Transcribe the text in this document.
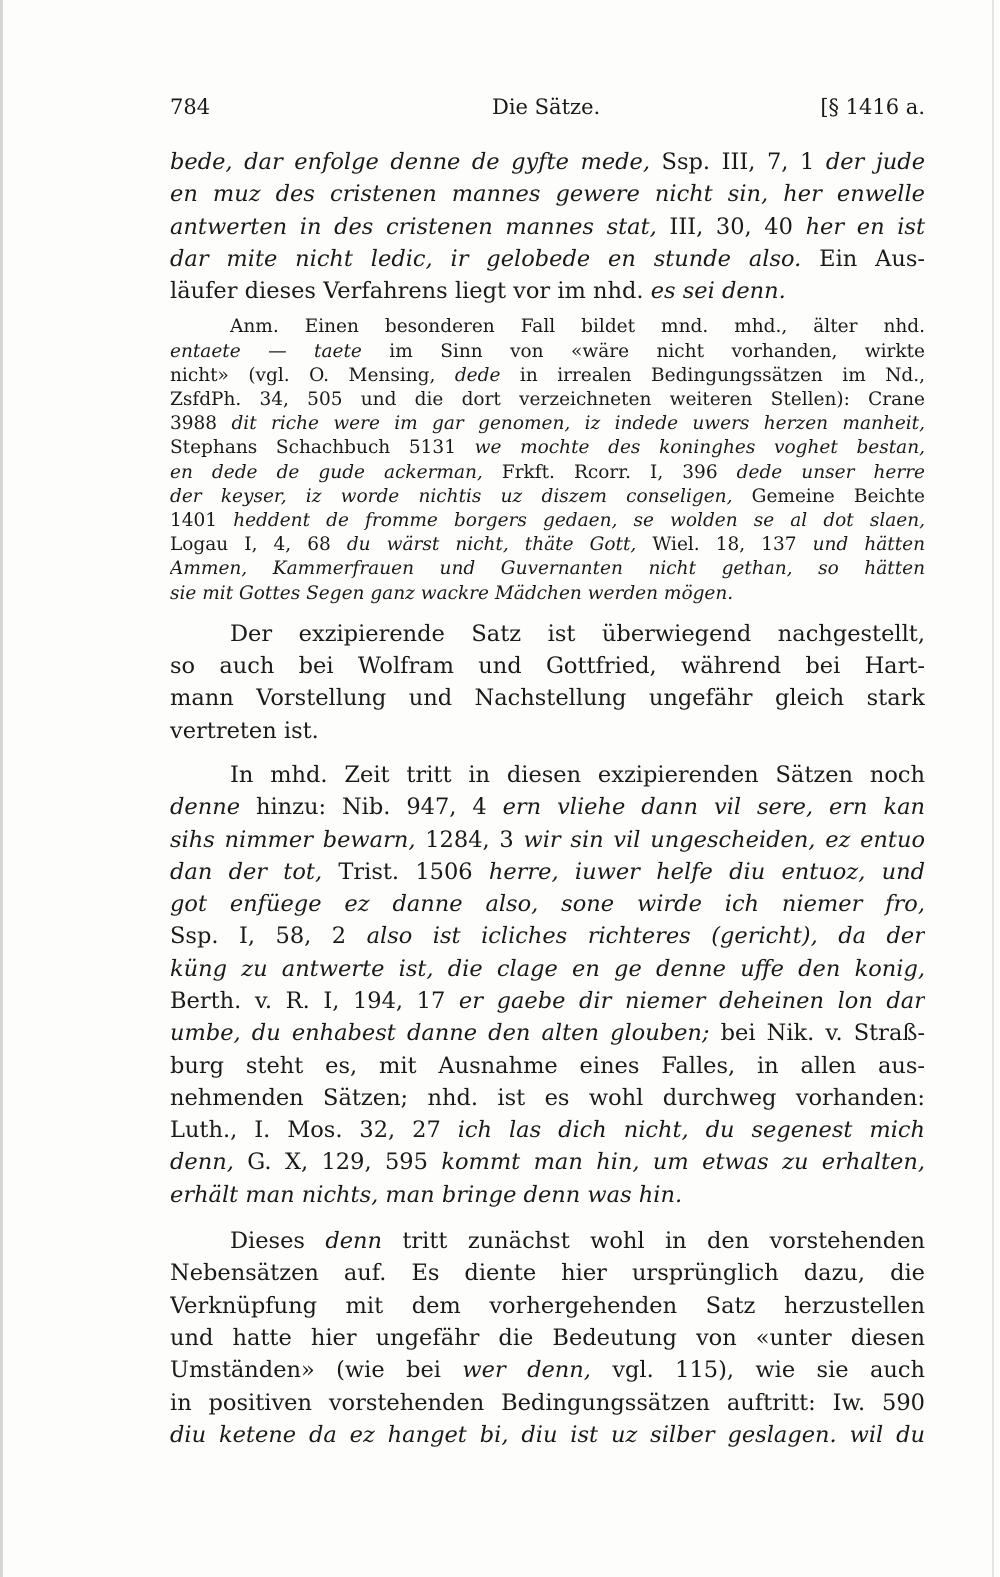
784	Die Sätze.	[§ 1416 a.
bede, dar enfolge denne de gyfte mede, Ssp. III, 7, 1 der jude
en muz des cristenen mannes gewere nicht sin, her enwelle
antwerten in des cristenen mannes stat, III, 30, 40 her en ist
dar mite nicht ledic, ir gelobede en stunde also. Ein Aus-
läufer dieses Verfahrens liegt vor im nhd. es sei denn.
Anm. Einen besonderen Fall bildet mnd. mhd., älter nhd.
entaete — taete im Sinn von «wäre nicht vorhanden, wirkte
nicht» (vgl. O. Mensing, dede in irrealen Bedingungssätzen im Nd.,
ZsfdPh. 34, 505 und die dort verzeichneten weiteren Stellen): Crane
3988 dit riche were im gar genomen, iz indede uwers herzen manheit,
Stephans Schachbuch 5131 we mochte des koninghes voghet bestan,
en dede de gude ackerman, Frkft. Rcorr. I, 396 dede unser herre
der keyser, iz worde nichtis uz diszem conseligen, Gemeine Beichte
1401 heddent de fromme borgers gedaen, se wolden se al dot slaen,
Logau I, 4, 68 du wärst nicht, thäte Gott, Wiel. 18, 137 und hätten
Ammen, Kammerfrauen und Guvernanten nicht gethan, so hätten
sie mit Gottes Segen ganz wackre Mädchen werden mögen.
Der exzipierende Satz ist überwiegend nachgestellt,
so auch bei Wolfram und Gottfried, während bei Hart-
mann Vorstellung und Nachstellung ungefähr gleich stark
vertreten ist.
In mhd. Zeit tritt in diesen exzipierenden Sätzen noch
denne hinzu: Nib. 947, 4 ern vliehe dann vil sere, ern kan
sihs nimmer bewarn, 1284, 3 wir sin vil ungescheiden, ez entuo
dan der tot, Trist. 1506 herre, iuwer helfe diu entuoz, und
got enfüege ez danne also, sone wirde ich niemer fro,
Ssp. I, 58, 2 also ist icliches richteres (gericht), da der
küng zu antwerte ist, die clage en ge denne uffe den konig,
Berth. v. R. I, 194, 17 er gaebe dir niemer deheinen lon dar
umbe, du enhabest danne den alten glouben; bei Nik. v. Straß-
burg steht es, mit Ausnahme eines Falles, in allen aus-
nehmenden Sätzen; nhd. ist es wohl durchweg vorhanden:
Luth., I. Mos. 32, 27 ich las dich nicht, du segenest mich
denn, G. X, 129, 595 kommt man hin, um etwas zu erhalten,
erhält man nichts, man bringe denn was hin.
Dieses denn tritt zunächst wohl in den vorstehenden
Nebensätzen auf. Es diente hier ursprünglich dazu, die
Verknüpfung mit dem vorhergehenden Satz herzustellen
und hatte hier ungefähr die Bedeutung von «unter diesen
Umständen» (wie bei wer denn, vgl. 115), wie sie auch
in positiven vorstehenden Bedingungssätzen auftritt: Iw. 590
diu ketene da ez hanget bi, diu ist uz silber geslagen. wil du
